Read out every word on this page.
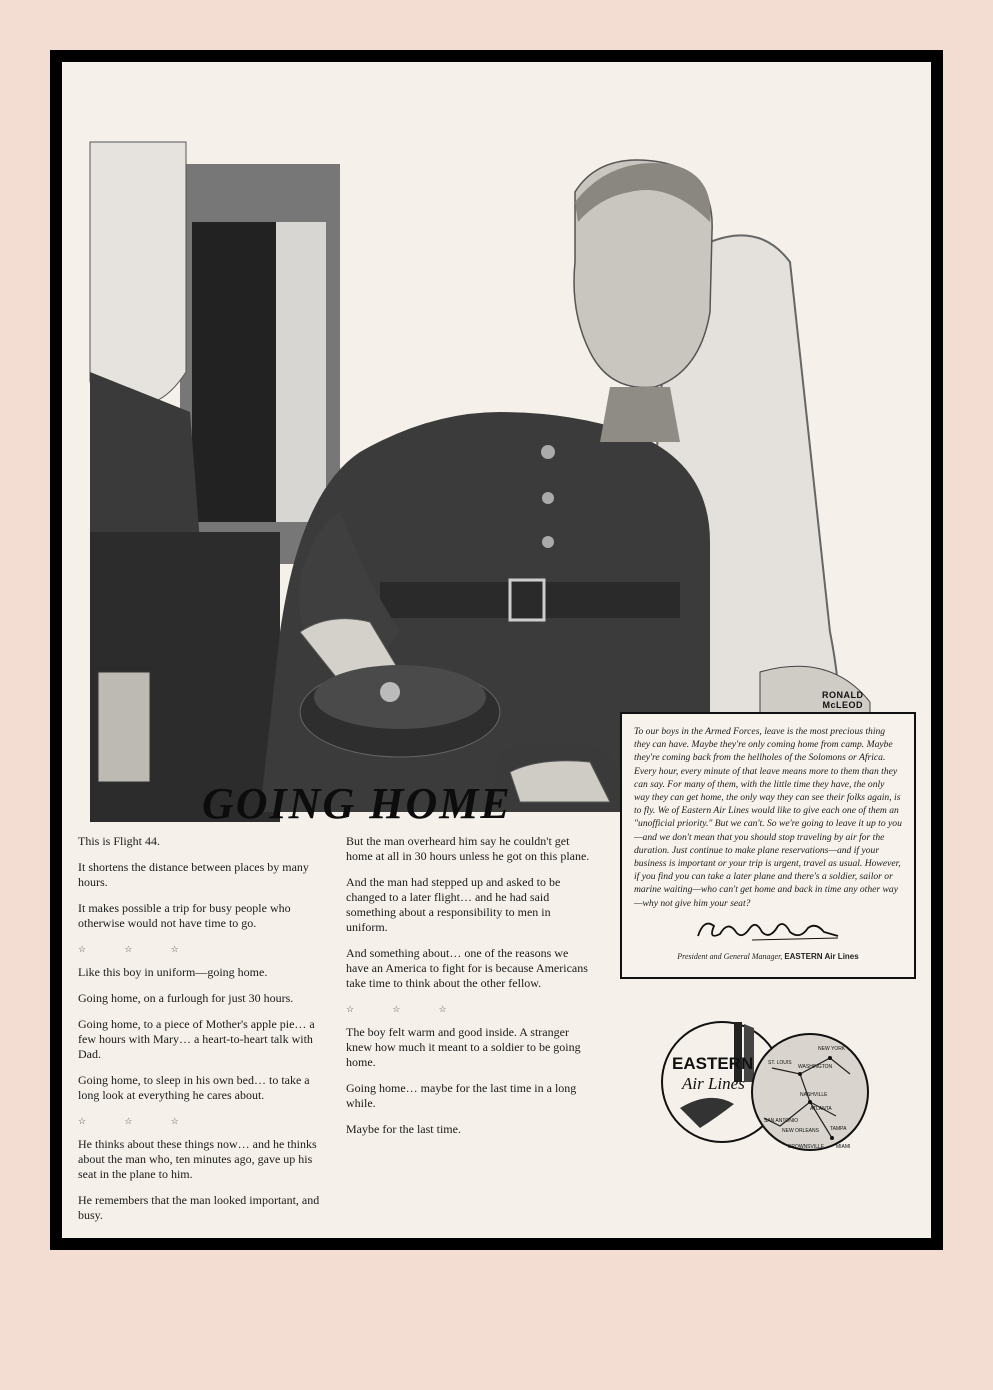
RONALD
McLEOD
GOING HOME

This is Flight 44.

It shortens the distance between places by many hours.

It makes possible a trip for busy people who otherwise would not have time to go.

☆ ☆ ☆

Like this boy in uniform—going home.

Going home, on a furlough for just 30 hours.

Going home, to a piece of Mother's apple pie… a few hours with Mary… a heart-to-heart talk with Dad.

Going home, to sleep in his own bed… to take a long look at everything he cares about.

☆ ☆ ☆

He thinks about these things now… and he thinks about the man who, ten minutes ago, gave up his seat in the plane to him.

He remembers that the man looked important, and busy.

But the man overheard him say he couldn't get home at all in 30 hours unless he got on this plane.

And the man had stepped up and asked to be changed to a later flight… and he had said something about a responsibility to men in uniform.

And something about… one of the reasons we have an America to fight for is because Americans take time to think about the other fellow.

☆ ☆ ☆

The boy felt warm and good inside. A stranger knew how much it meant to a soldier to be going home.

Going home… maybe for the last time in a long while.

Maybe for the last time.

To our boys in the Armed Forces, leave is the most precious thing they can have. Maybe they're only coming home from camp. Maybe they're coming back from the hellholes of the Solomons or Africa. Every hour, every minute of that leave means more to them than they can say. For many of them, with the little time they have, the only way they can get home, the only way they can see their folks again, is to fly. We of Eastern Air Lines would like to give each one of them an "unofficial priority." But we can't. So we're going to leave it up to you—and we don't mean that you should stop traveling by air for the duration. Just continue to make plane reservations—and if your business is important or your trip is urgent, travel as usual. However, if you find you can take a later plane and there's a soldier, sailor or marine waiting—who can't get home and back in time any other way—why not give him your seat?
President and General Manager, EASTERN Air Lines
NEW YORK
WASHINGTON
ST. LOUIS
NASHVILLE
ATLANTA
SAN ANTONIO
NEW ORLEANS TAMPA
MIAMI
BROWNSVILLE
EASTERN
Air Lines
